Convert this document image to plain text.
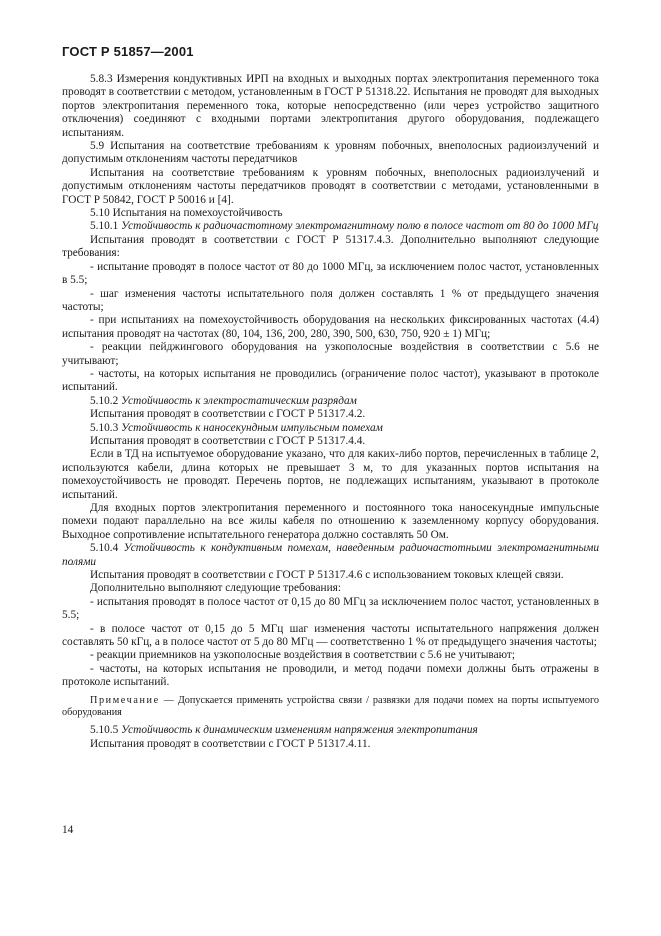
ГОСТ Р 51857—2001

5.8.3 Измерения кондуктивных ИРП на входных и выходных портах электропитания переменного тока проводят в соответствии с методом, установленным в ГОСТ Р 51318.22. Испытания не проводят для выходных портов электропитания переменного тока, которые непосредственно (или через устройство защитного отключения) соединяют с входными портами электропитания другого оборудования, подлежащего испытаниям.

5.9 Испытания на соответствие требованиям к уровням побочных, внеполосных радиоизлучений и допустимым отклонениям частоты передатчиков

Испытания на соответствие требованиям к уровням побочных, внеполосных радиоизлучений и допустимым отклонениям частоты передатчиков проводят в соответствии с методами, установленными в ГОСТ Р 50842, ГОСТ Р 50016 и [4].

5.10 Испытания на помехоустойчивость

5.10.1 Устойчивость к радиочастотному электромагнитному полю в полосе частот от 80 до 1000 МГц

Испытания проводят в соответствии с ГОСТ Р 51317.4.3. Дополнительно выполняют следующие требования:

- испытание проводят в полосе частот от 80 до 1000 МГц, за исключением полос частот, установленных в 5.5;

- шаг изменения частоты испытательного поля должен составлять 1 % от предыдущего значения частоты;

- при испытаниях на помехоустойчивость оборудования на нескольких фиксированных частотах (4.4) испытания проводят на частотах (80, 104, 136, 200, 280, 390, 500, 630, 750, 920 ± 1) МГц;

- реакции пейджингового оборудования на узкополосные воздействия в соответствии с 5.6 не учитывают;

- частоты, на которых испытания не проводились (ограничение полос частот), указывают в протоколе испытаний.

5.10.2 Устойчивость к электростатическим разрядам

Испытания проводят в соответствии с ГОСТ Р 51317.4.2.

5.10.3 Устойчивость к наносекундным импульсным помехам

Испытания проводят в соответствии с ГОСТ Р 51317.4.4.

Если в ТД на испытуемое оборудование указано, что для каких-либо портов, перечисленных в таблице 2, используются кабели, длина которых не превышает 3 м, то для указанных портов испытания на помехоустойчивость не проводят. Перечень портов, не подлежащих испытаниям, указывают в протоколе испытаний.

Для входных портов электропитания переменного и постоянного тока наносекундные импульсные помехи подают параллельно на все жилы кабеля по отношению к заземленному корпусу оборудования. Выходное сопротивление испытательного генератора должно составлять 50 Ом.

5.10.4 Устойчивость к кондуктивным помехам, наведенным радиочастотными электромагнитными полями

Испытания проводят в соответствии с ГОСТ Р 51317.4.6 с использованием токовых клещей связи.

Дополнительно выполняют следующие требования:

- испытания проводят в полосе частот от 0,15 до 80 МГц за исключением полос частот, установленных в 5.5;

- в полосе частот от 0,15 до 5 МГц шаг изменения частоты испытательного напряжения должен составлять 50 кГц, а в полосе частот от 5 до 80 МГц — соответственно 1 % от предыдущего значения частоты;

- реакции приемников на узкополосные воздействия в соответствии с 5.6 не учитывают;

- частоты, на которых испытания не проводили, и метод подачи помехи должны быть отражены в протоколе испытаний.

Примечание — Допускается применять устройства связи / развязки для подачи помех на порты испытуемого оборудования

5.10.5 Устойчивость к динамическим изменениям напряжения электропитания

Испытания проводят в соответствии с ГОСТ Р 51317.4.11.

14
